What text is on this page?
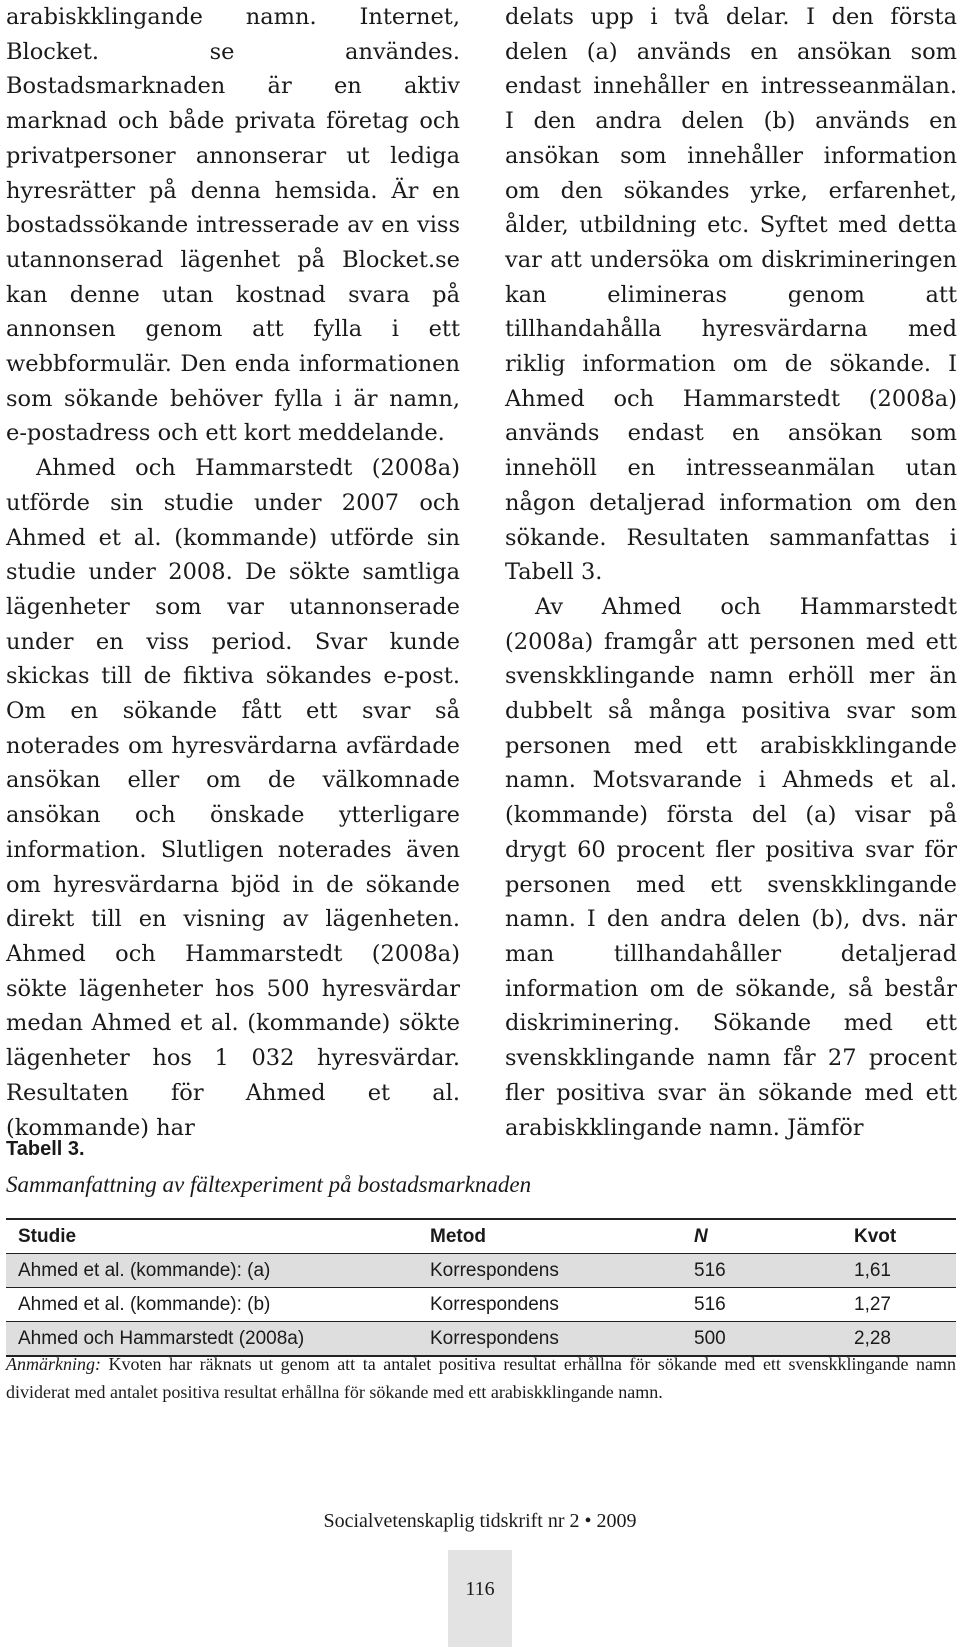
arabiskklingande namn. Internet, Blocket. se användes. Bostadsmarknaden är en aktiv marknad och både privata företag och privatpersoner annonserar ut lediga hyresrätter på denna hemsida. Är en bostadssökande intresserade av en viss utannonserad lägenhet på Blocket.se kan denne utan kostnad svara på annonsen genom att fylla i ett webbformulär. Den enda informationen som sökande behöver fylla i är namn, e-postadress och ett kort meddelande.

Ahmed och Hammarstedt (2008a) utförde sin studie under 2007 och Ahmed et al. (kommande) utförde sin studie under 2008. De sökte samtliga lägenheter som var utannonserade under en viss period. Svar kunde skickas till de fiktiva sökandes e-post. Om en sökande fått ett svar så noterades om hyresvärdarna avfärdade ansökan eller om de välkomnade ansökan och önskade ytterligare information. Slutligen noterades även om hyresvärdarna bjöd in de sökande direkt till en visning av lägenheten. Ahmed och Hammarstedt (2008a) sökte lägenheter hos 500 hyresvärdar medan Ahmed et al. (kommande) sökte lägenheter hos 1 032 hyresvärdar. Resultaten för Ahmed et al. (kommande) har

delats upp i två delar. I den första delen (a) används en ansökan som endast innehåller en intresseanmälan. I den andra delen (b) används en ansökan som innehåller information om den sökandes yrke, erfarenhet, ålder, utbildning etc. Syftet med detta var att undersöka om diskrimineringen kan elimineras genom att tillhandahålla hyresvärdarna med riklig information om de sökande. I Ahmed och Hammarstedt (2008a) används endast en ansökan som innehöll en intresseanmälan utan någon detaljerad information om den sökande. Resultaten sammanfattas i Tabell 3.

Av Ahmed och Hammarstedt (2008a) framgår att personen med ett svenskklingande namn erhöll mer än dubbelt så många positiva svar som personen med ett arabiskklingande namn. Motsvarande i Ahmeds et al. (kommande) första del (a) visar på drygt 60 procent fler positiva svar för personen med ett svenskklingande namn. I den andra delen (b), dvs. när man tillhandahåller detaljerad information om de sökande, så består diskriminering. Sökande med ett svenskklingande namn får 27 procent fler positiva svar än sökande med ett arabiskklingande namn. Jämför

Tabell 3.
Sammanfattning av fältexperiment på bostadsmarknaden
Studie	Metod	N	Kvot
Ahmed et al. (kommande): (a)	Korrespondens	516	1,61
Ahmed et al. (kommande): (b)	Korrespondens	516	1,27
Ahmed och Hammarstedt (2008a)	Korrespondens	500	2,28
Anmärkning: Kvoten har räknats ut genom att ta antalet positiva resultat erhållna för sökande med ett svenskklingande namn dividerat med antalet positiva resultat erhållna för sökande med ett arabiskklingande namn.
Socialvetenskaplig tidskrift nr 2 • 2009
116
